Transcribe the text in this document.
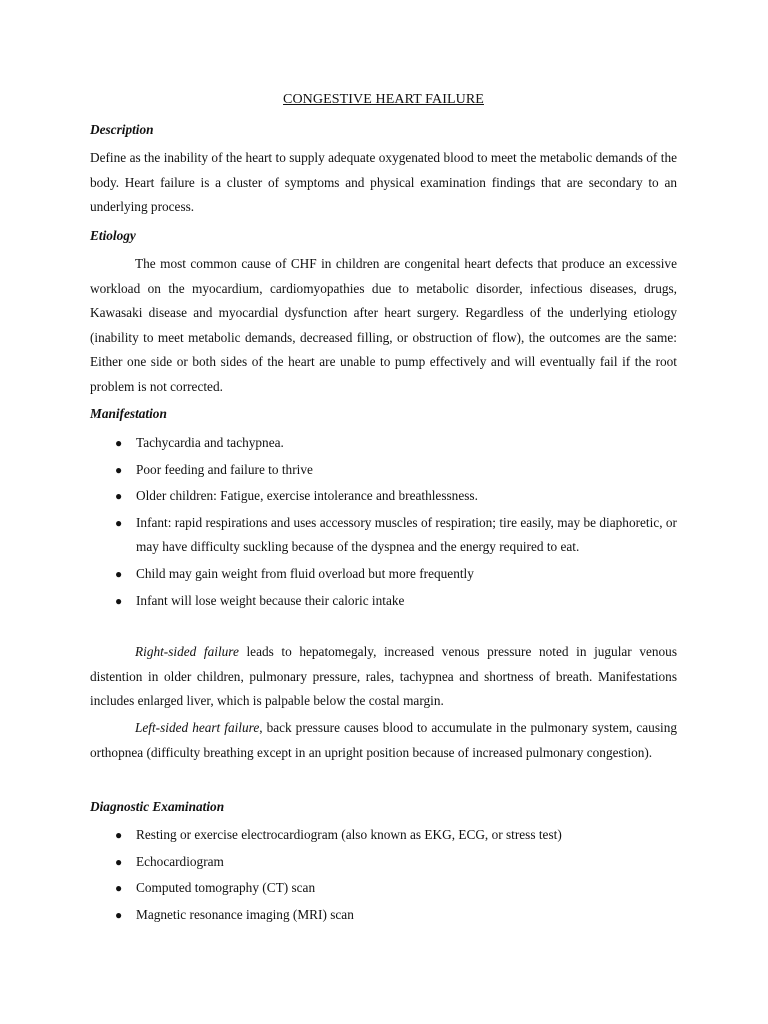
CONGESTIVE HEART FAILURE
Description

Define as the inability of the heart to supply adequate oxygenated blood to meet the metabolic demands of the body. Heart failure is a cluster of symptoms and physical examination findings that are secondary to an underlying process.

Etiology

The most common cause of CHF in children are congenital heart defects that produce an excessive workload on the myocardium, cardiomyopathies due to metabolic disorder, infectious diseases, drugs, Kawasaki disease and myocardial dysfunction after heart surgery. Regardless of the underlying etiology (inability to meet metabolic demands, decreased filling, or obstruction of flow), the outcomes are the same: Either one side or both sides of the heart are unable to pump effectively and will eventually fail if the root problem is not corrected.

Manifestation
● Tachycardia and tachypnea.
● Poor feeding and failure to thrive
● Older children: Fatigue, exercise intolerance and breathlessness.
● Infant: rapid respirations and uses accessory muscles of respiration; tire easily, may be diaphoretic, or may have difficulty suckling because of the dyspnea and the energy required to eat.
● Child may gain weight from fluid overload but more frequently
● Infant will lose weight because their caloric intake

Right-sided failure leads to hepatomegaly, increased venous pressure noted in jugular venous distention in older children, pulmonary pressure, rales, tachypnea and shortness of breath. Manifestations includes enlarged liver, which is palpable below the costal margin.

Left-sided heart failure, back pressure causes blood to accumulate in the pulmonary system, causing orthopnea (difficulty breathing except in an upright position because of increased pulmonary congestion).

Diagnostic Examination
● Resting or exercise electrocardiogram (also known as EKG, ECG, or stress test)
● Echocardiogram
● Computed tomography (CT) scan
● Magnetic resonance imaging (MRI) scan
